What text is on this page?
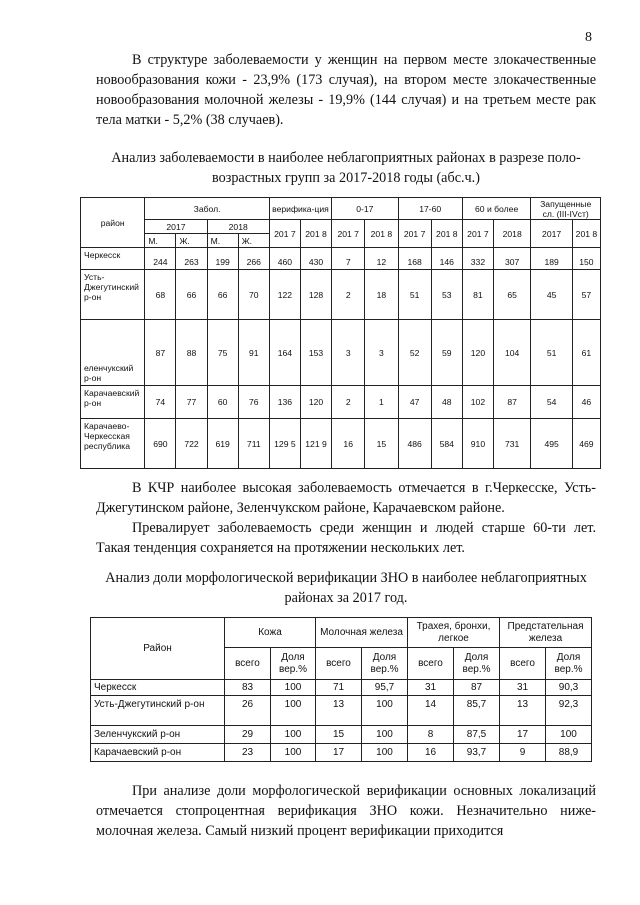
8

В структуре заболеваемости у женщин на первом месте злокачественные новообразования кожи - 23,9% (173 случая), на втором месте злокачественные новообразования молочной железы - 19,9% (144 случая) и на третьем месте рак тела матки - 5,2% (38 случаев).

Анализ заболеваемости в наиболее неблагоприятных районах в разрезе поло-возрастных групп за 2017-2018 годы (абс.ч.)

район	Забол.				верифика-ция		0-17		17-60		60 и более		Запущенные сл. (III-IVст)	
	2017		2018		201 7	201 8	201 7	201 8	201 7	201 8	201 7	2018	2017	201 8
	М.	Ж.	М.	Ж.										
Черкесск	244	263	199	266	460	430	7	12	168	146	332	307	189	150
Усть-Джегутинский р-он	68	66	66	70	122	128	2	18	51	53	81	65	45	57
еленчукский р-он	87	88	75	91	164	153	3	3	52	59	120	104	51	61
Карачаевский р-он	74	77	60	76	136	120	2	1	47	48	102	87	54	46
Карачаево-Черкесская республика	690	722	619	711	129 5	121 9	16	15	486	584	910	731	495	469

В КЧР наиболее высокая заболеваемость отмечается в г.Черкесске, Усть-Джегутинском районе, Зеленчукском районе, Карачаевском районе.

Превалирует заболеваемость среди женщин и людей старше 60-ти лет. Такая тенденция сохраняется на протяжении нескольких лет.

Анализ доли морфологической верификации ЗНО в наиболее неблагоприятных районах за 2017 год.

Район	Кожа		Молочная железа		Трахея, бронхи, легкое		Предстательная железа	
	всего	Доля вер.%	всего	Доля вер.%	всего	Доля вер.%	всего	Доля вер.%
Черкесск	83	100	71	95,7	31	87	31	90,3
Усть-Джегутинский р-он	26	100	13	100	14	85,7	13	92,3
Зеленчукский р-он	29	100	15	100	8	87,5	17	100
Карачаевский р-он	23	100	17	100	16	93,7	9	88,9

При анализе доли морфологической верификации основных локализаций отмечается стопроцентная верификация ЗНО кожи. Незначительно ниже-молочная железа. Самый низкий процент верификации приходится
